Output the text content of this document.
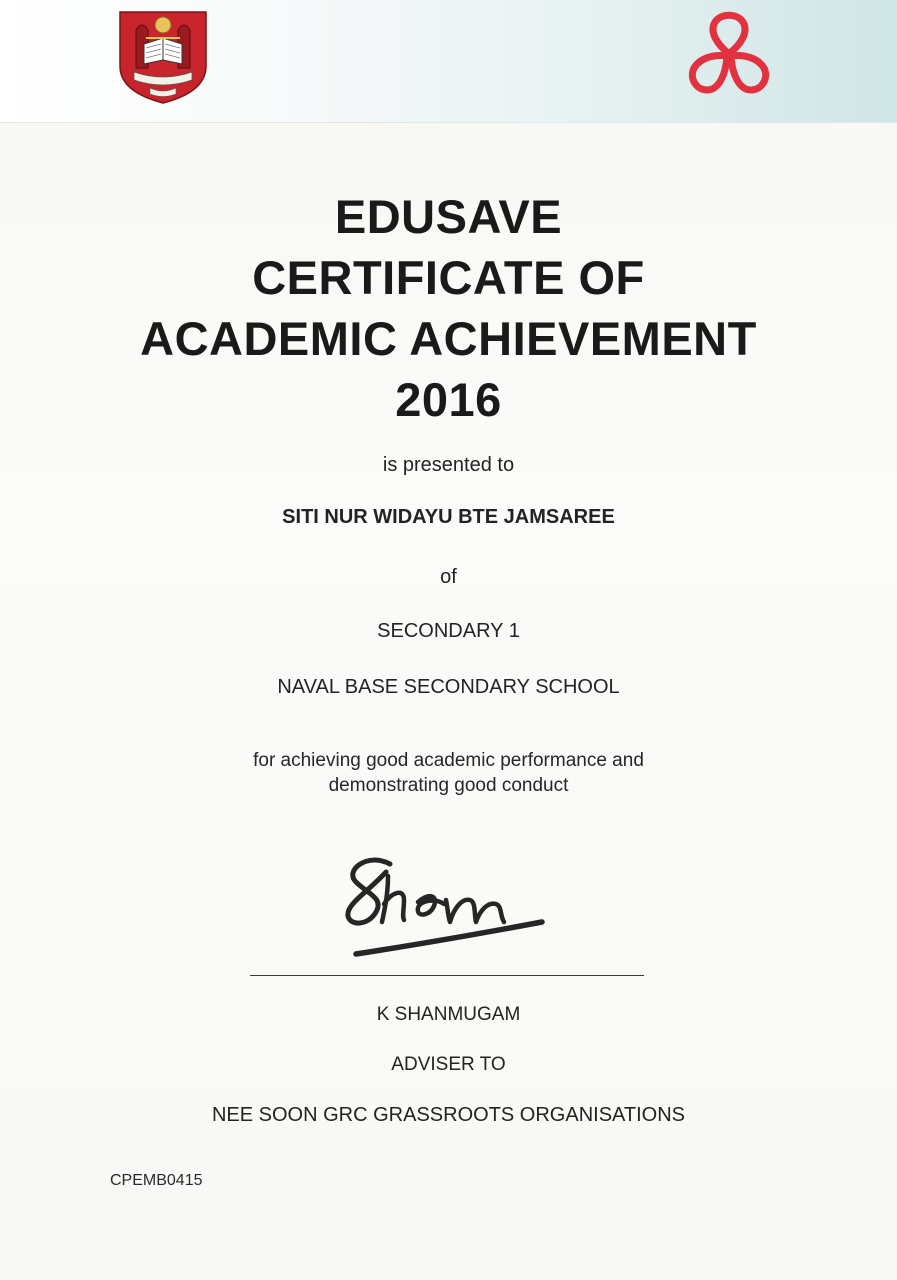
EDUSAVE
CERTIFICATE OF
ACADEMIC ACHIEVEMENT
2016
is presented to
SITI NUR WIDAYU BTE JAMSAREE
of
SECONDARY 1
NAVAL BASE SECONDARY SCHOOL
for achieving good academic performance and
demonstrating good conduct
K SHANMUGAM
ADVISER TO
NEE SOON GRC GRASSROOTS ORGANISATIONS
CPEMB0415
